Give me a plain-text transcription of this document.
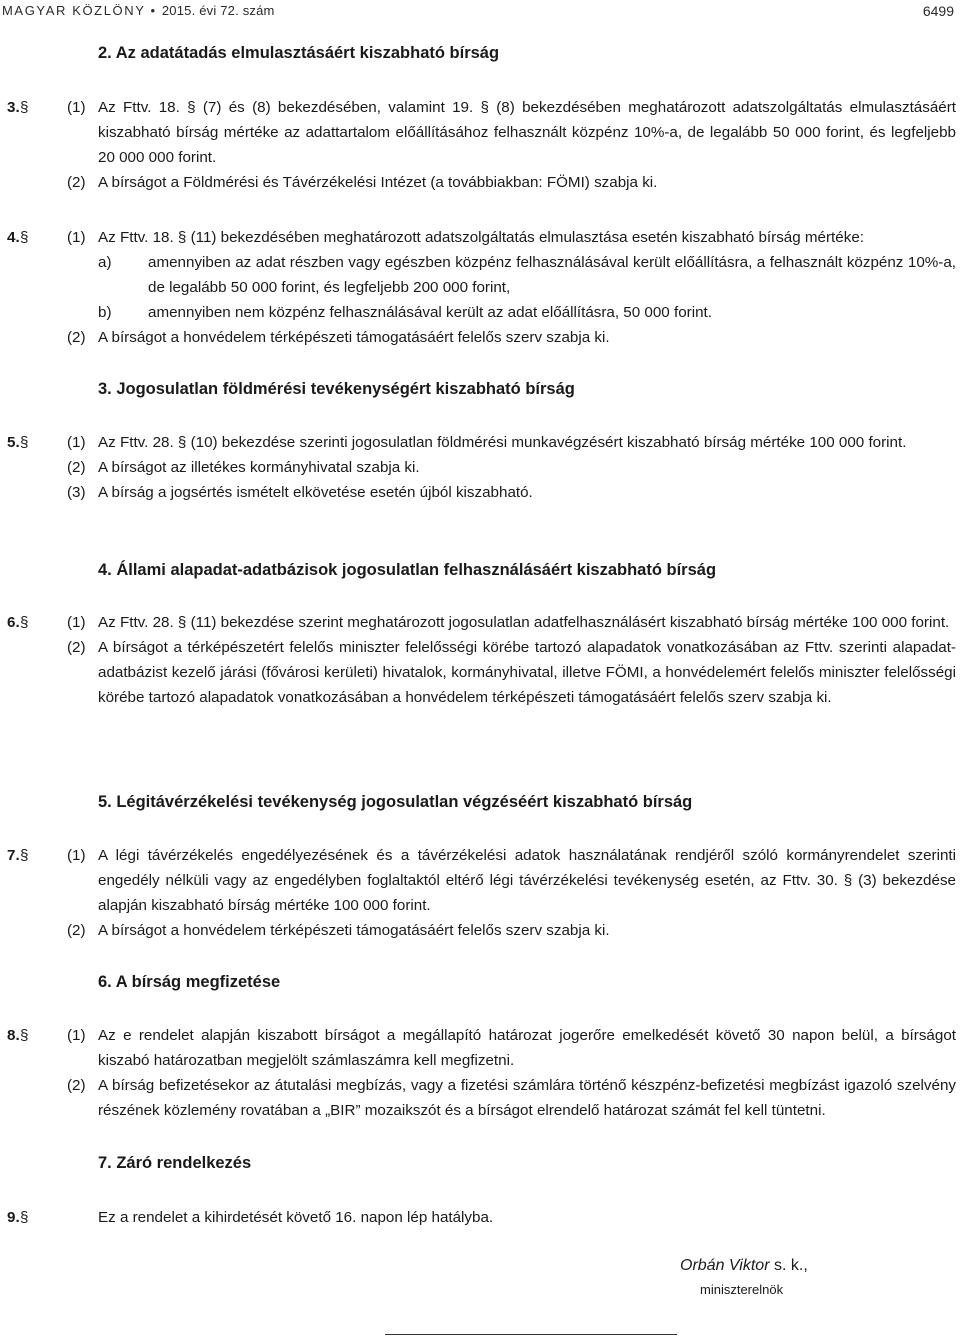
MAGYAR KÖZLÖNY • 2015. évi 72. szám	6499
2. Az adatátadás elmulasztásáért kiszabható bírság
3. §	(1) Az Fttv. 18. § (7) és (8) bekezdésében, valamint 19. § (8) bekezdésében meghatározott adatszolgáltatás elmulasztásáért kiszabható bírság mértéke az adattartalom előállításához felhasznált közpénz 10%-a, de legalább 50 000 forint, és legfeljebb 20 000 000 forint.
(2) A bírságot a Földmérési és Távérzékelési Intézet (a továbbiakban: FÖMI) szabja ki.
4. §	(1) Az Fttv. 18. § (11) bekezdésében meghatározott adatszolgáltatás elmulasztása esetén kiszabható bírság mértéke:
a) amennyiben az adat részben vagy egészben közpénz felhasználásával került előállításra, a felhasznált közpénz 10%-a, de legalább 50 000 forint, és legfeljebb 200 000 forint,
b) amennyiben nem közpénz felhasználásával került az adat előállításra, 50 000 forint.
(2) A bírságot a honvédelem térképészeti támogatásáért felelős szerv szabja ki.
3. Jogosulatlan földmérési tevékenységért kiszabható bírság
5. §	(1) Az Fttv. 28. § (10) bekezdése szerinti jogosulatlan földmérési munkavégzésért kiszabható bírság mértéke 100 000 forint.
(2) A bírságot az illetékes kormányhivatal szabja ki.
(3) A bírság a jogsértés ismételt elkövetése esetén újból kiszabható.
4. Állami alapadat-adatbázisok jogosulatlan felhasználásáért kiszabható bírság
6. §	(1) Az Fttv. 28. § (11) bekezdése szerint meghatározott jogosulatlan adatfelhasználásért kiszabható bírság mértéke 100 000 forint.
(2) A bírságot a térképészetért felelős miniszter felelősségi körébe tartozó alapadatok vonatkozásában az Fttv. szerinti alapadat-adatbázist kezelő járási (fővárosi kerületi) hivatalok, kormányhivatal, illetve FÖMI, a honvédelemért felelős miniszter felelősségi körébe tartozó alapadatok vonatkozásában a honvédelem térképészeti támogatásáért felelős szerv szabja ki.
5. Légitávérzékelési tevékenység jogosulatlan végzéséért kiszabható bírság
7. §	(1) A légi távérzékelés engedélyezésének és a távérzékelési adatok használatának rendjéről szóló kormányrendelet szerinti engedély nélküli vagy az engedélyben foglaltaktól eltérő légi távérzékelési tevékenység esetén, az Fttv. 30. § (3) bekezdése alapján kiszabható bírság mértéke 100 000 forint.
(2) A bírságot a honvédelem térképészeti támogatásáért felelős szerv szabja ki.
6. A bírság megfizetése
8. §	(1) Az e rendelet alapján kiszabott bírságot a megállapító határozat jogerőre emelkedését követő 30 napon belül, a bírságot kiszabó határozatban megjelölt számlaszámra kell megfizetni.
(2) A bírság befizetésekor az átutalási megbízás, vagy a fizetési számlára történő készpénz-befizetési megbízást igazoló szelvény részének közlemény rovatában a „BIR” mozaikszót és a bírságot elrendelő határozat számát fel kell tüntetni.
7. Záró rendelkezés
9. §	Ez a rendelet a kihirdetését követő 16. napon lép hatályba.
Orbán Viktor s. k.,
miniszterelnök
